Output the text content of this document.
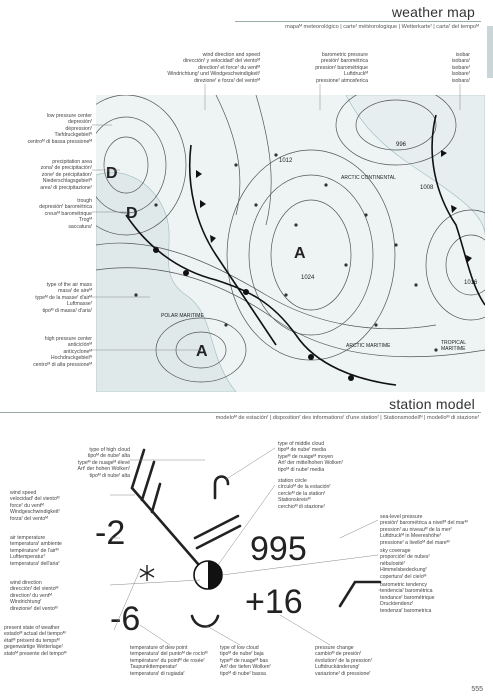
weather map
mapaᴹ meteorológico | carteᶠ météorologique | Wetterkarteᶠ | cartaᶠ del tempoᴹ
wind direction and speed
direcciónᶠ y velocidadᶠ del vientoᴹ
directionᶠ et forceᶠ du ventᴹ
Windrichtungᶠ und Windgeschwindigkeitᶠ
direzioneᶠ e forzaᶠ del ventoᴹ
barometric pressure
presiónᶠ barométrica
pressionᶠ barométrique
Luftdruckᴹ
pressioneᶠ atmosferica
isobar
isobaraᶠ
isobareᶠ
Isobareᶠ
isobaraᶠ
low pressure center
depresiónᶠ
dépressionᶠ
Tiefdruckgebietᴺ
centroᴹ di bassa pressioneᴹ
precipitation area
zonaᶠ de precipitaciónᶠ
zoneᶠ de précipitationᶠ
Niederschlagsgebietᴺ
areaᶠ di precipitazioneᶠ
trough
depresiónᶠ barométrica
creuxᴹ barométrique
Trogᴹ
saccaturaᶠ
type of the air mass
masaᶠ de aireᴹ
typeᴹ de la masseᶠ d'airᴹ
Luftmasseᶠ
tipoᴹ di massaᶠ d'ariaᶠ
high pressure center
anticiclónᴹ
anticycloneᴹ
Hochdruckgebietᴺ
centroᴹ di alta pressioneᴹ
A
A
D
D
1012
1024
1008
996
1016
POLAR MARITIME
ARCTIC MARITIME
ARCTIC CONTINENTAL
TROPICAL MARITIME
station model
modeloᴹ de estaciónᶠ | dispositionᶠ des informationsᶠ d'une stationᶠ | Stationsmodellᴺ | modelloᴹ di stazioneᶠ
type of high cloud
tipoᴹ de nubeᶠ alta
typeᴹ de nuageᴹ élevé
Artᶠ der hohen Wolkenᶠ
tipoᴹ di nubeᶠ alta
wind speed
velocidadᶠ del vientoᴹ
forceᶠ du ventᴹ
Windgeschwindigkeitᶠ
forzaᶠ del ventoᴹ
air temperature
temperaturaᶠ ambiente
températureᶠ de l'airᴹ
Lufttemperaturᶠ
temperaturaᶠ dell'ariaᶠ
wind direction
direcciónᶠ del vientoᴹ
directionᶠ du ventᴹ
Windrichtungᶠ
direzioneᶠ del ventoᴹ
present state of weather
estadoᴹ actual del tiempoᴹ
étatᴹ présent du tempsᴹ
gegenwärtige Wetterlageᶠ
statoᴹ presente del tempoᴹ
type of middle cloud
tipoᴹ de nubeᶠ media
typeᴹ de nuageᴹ moyen
Artᶠ der mittelhohen Wolkenᶠ
tipoᴹ di nubeᶠ media
station circle
círculoᴹ de la estaciónᶠ
cercleᴹ de la stationᶠ
Stationskreisᴹ
cerchioᴹ di stazioneᶠ
sea-level pressure
presiónᶠ barométrica a nivelᴹ del marᴹ
pressionᶠ au niveauᴹ de la merᶠ
Luftdruckᴹ in Meereshöheᶠ
pressioneᶠ a livelloᴹ del mareᴹ
sky coverage
proporciónᶠ de nubesᶠ
nébulositéᶠ
Himmelsbedeckungᶠ
coperturaᶠ del cieloᴹ
barometric tendency
tendenciaᶠ barométrica
tendanceᶠ barométrique
Drucktendenzᶠ
tendenzaᶠ barometrica
temperature of dew point
temperaturaᶠ del puntoᴹ de rocíoᴹ
températureᶠ du pointᴹ de roséeᶠ
Taupunkttemperaturᶠ
temperaturaᶠ di rugiadaᶠ
type of low cloud
tipoᴹ de nubeᶠ baja
typeᴹ de nuageᴹ bas
Artᶠ der tiefen Wolkenᶠ
tipoᴹ di nubeᶠ bassa
pressure change
cambioᴹ de presiónᶠ
évolutionᶠ de la pressionᶠ
Luftdruckänderungᶠ
variazioneᶠ di pressioneᶠ
-2
-6
995
+16
555
